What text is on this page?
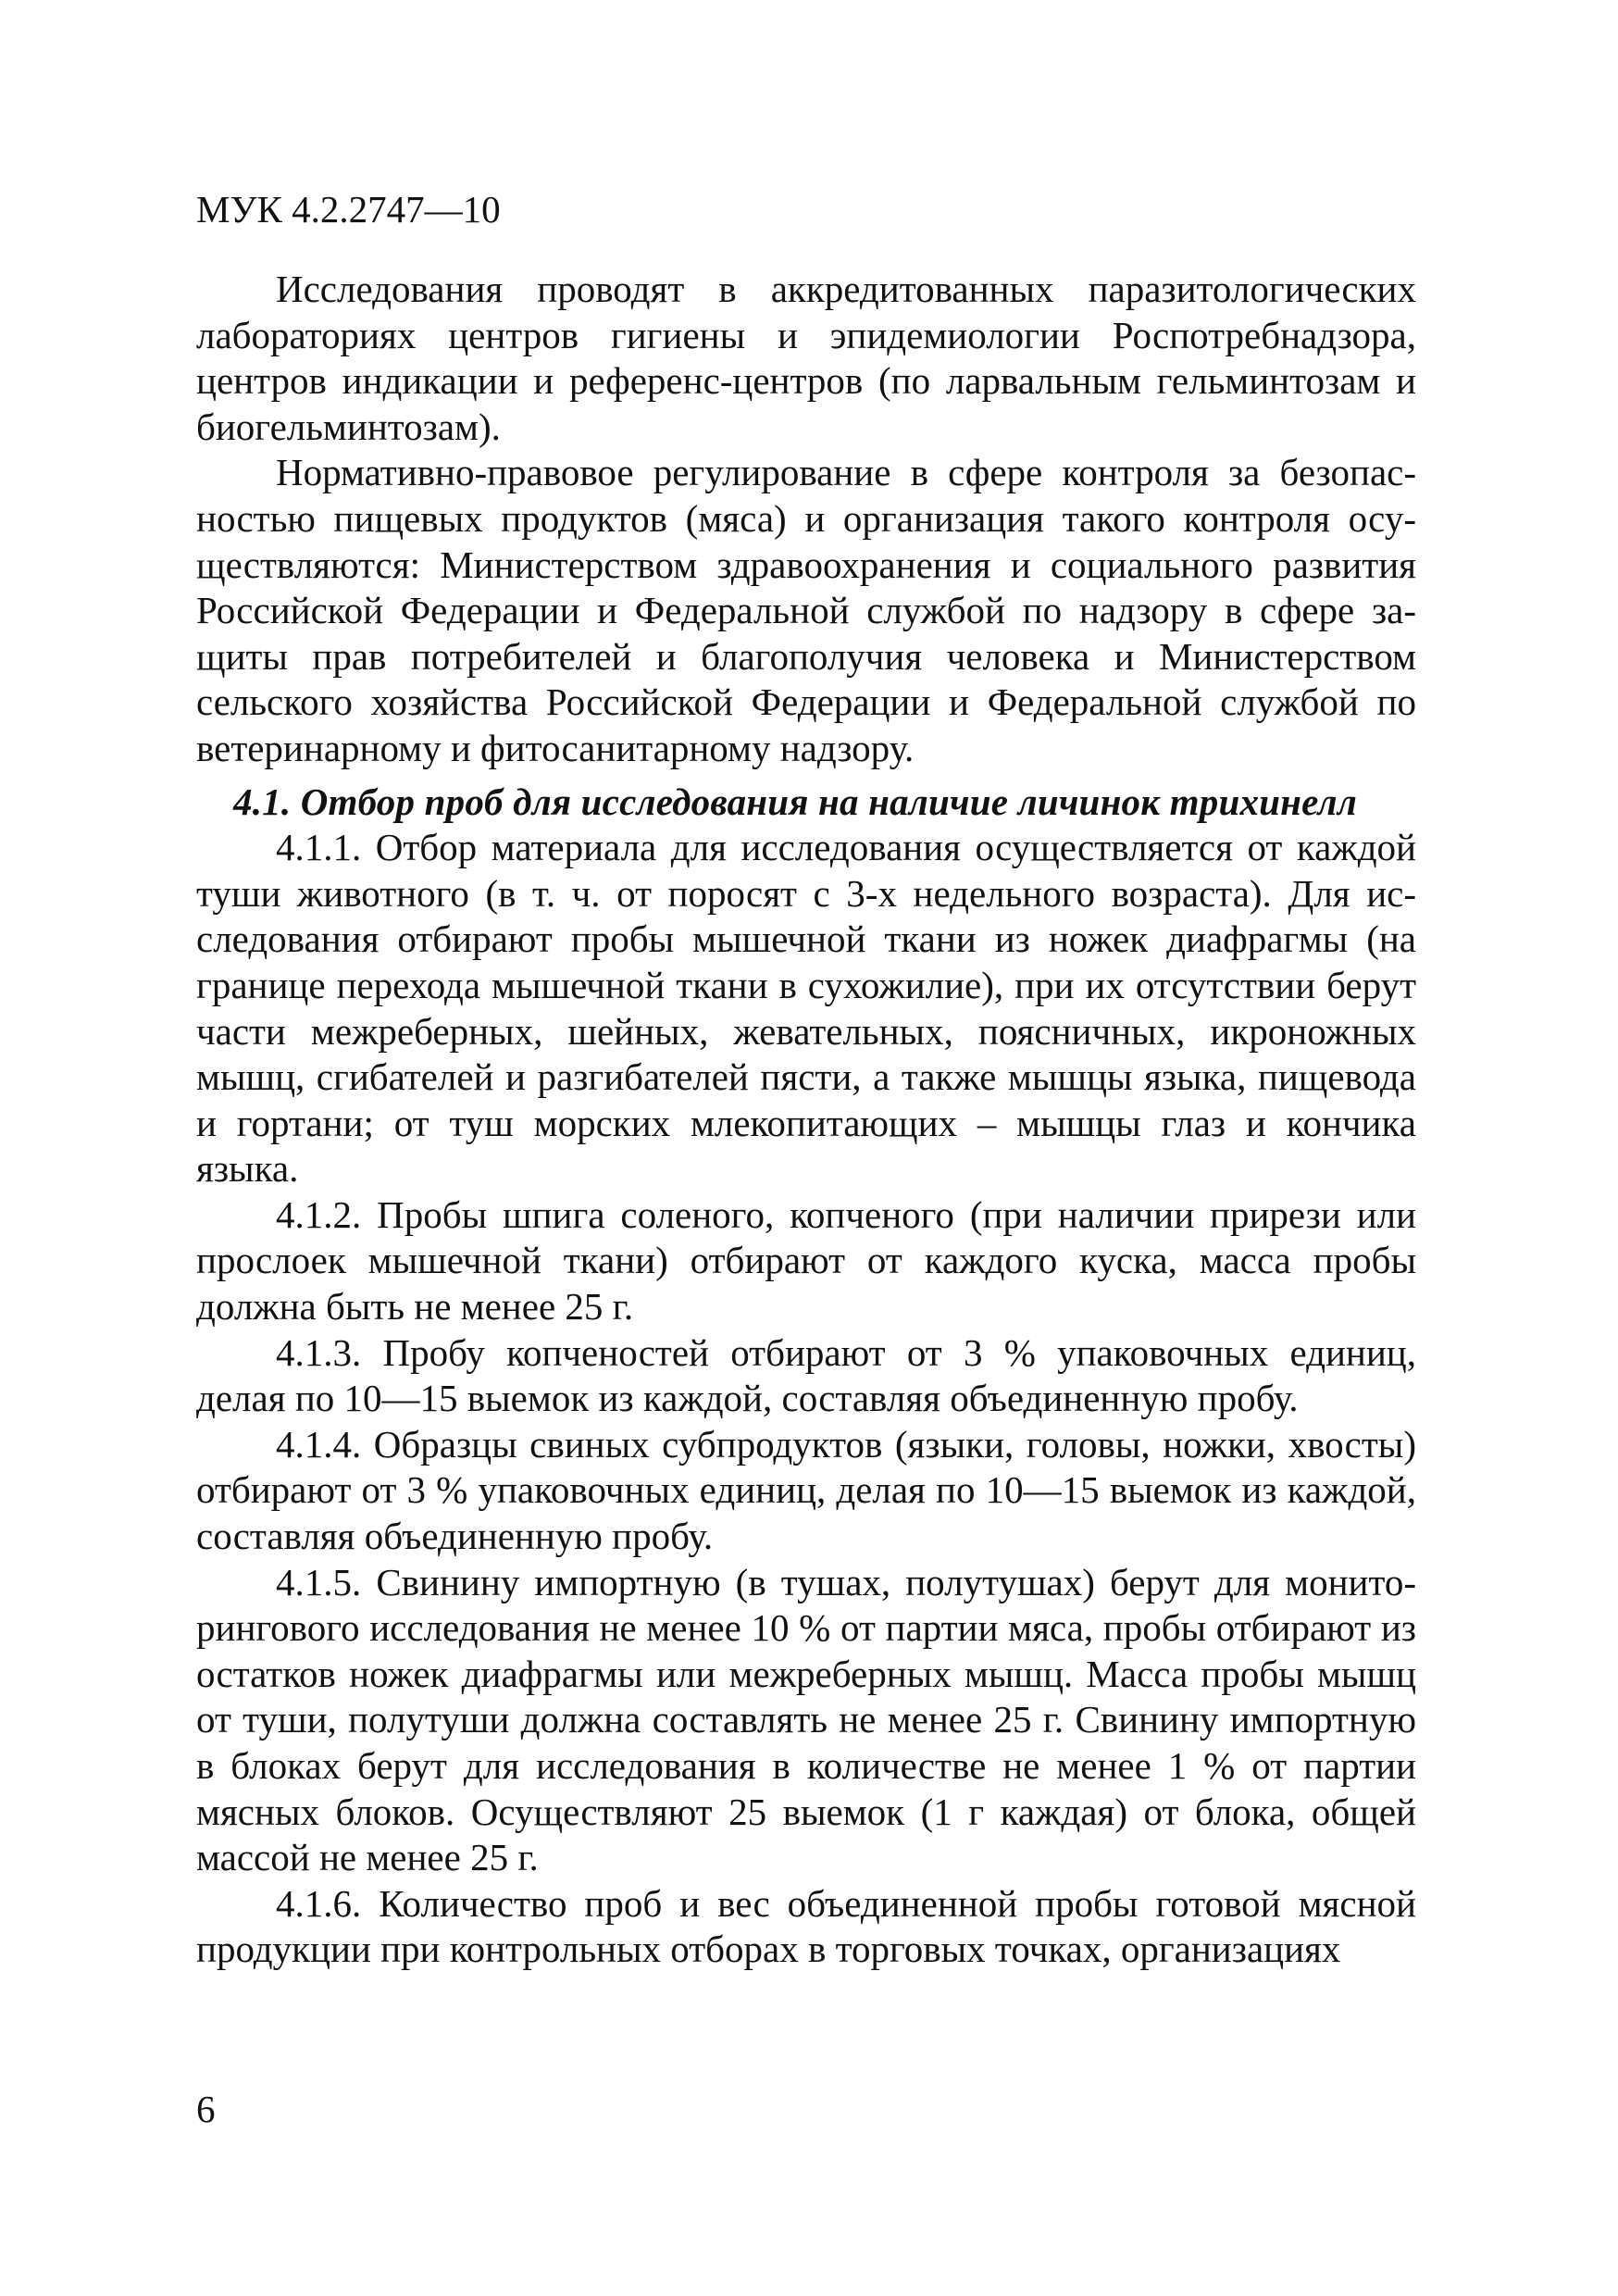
МУК 4.2.2747—10

Исследования проводят в аккредитованных паразитологических лабораториях центров гигиены и эпидемиологии Роспотребнадзора, центров индикации и референс-центров (по ларвальным гельминтозам и биогельминтозам).

Нормативно-правовое регулирование в сфере контроля за безопасностью пищевых продуктов (мяса) и организация такого контроля осуществляются: Министерством здравоохранения и социального развития Российской Федерации и Федеральной службой по надзору в сфере защиты прав потребителей и благополучия человека и Министерством сельского хозяйства Российской Федерации и Федеральной службой по ветеринарному и фитосанитарному надзору.

4.1. Отбор проб для исследования на наличие личинок трихинелл

4.1.1. Отбор материала для исследования осуществляется от каждой туши животного (в т. ч. от поросят с 3-х недельного возраста). Для исследования отбирают пробы мышечной ткани из ножек диафрагмы (на границе перехода мышечной ткани в сухожилие), при их отсутствии берут части межреберных, шейных, жевательных, поясничных, икроножных мышц, сгибателей и разгибателей пясти, а также мышцы языка, пищевода и гортани; от туш морских млекопитающих – мышцы глаз и кончика языка.

4.1.2. Пробы шпига соленого, копченого (при наличии прирези или прослоек мышечной ткани) отбирают от каждого куска, масса пробы должна быть не менее 25 г.

4.1.3. Пробу копченостей отбирают от 3 % упаковочных единиц, делая по 10—15 выемок из каждой, составляя объединенную пробу.

4.1.4. Образцы свиных субпродуктов (языки, головы, ножки, хвосты) отбирают от 3 % упаковочных единиц, делая по 10—15 выемок из каждой, составляя объединенную пробу.

4.1.5. Свинину импортную (в тушах, полутушах) берут для мониторингового исследования не менее 10 % от партии мяса, пробы отбирают из остатков ножек диафрагмы или межреберных мышц. Масса пробы мышц от туши, полутуши должна составлять не менее 25 г. Свинину импортную в блоках берут для исследования в количестве не менее 1 % от партии мясных блоков. Осуществляют 25 выемок (1 г каждая) от блока, общей массой не менее 25 г.

4.1.6. Количество проб и вес объединенной пробы готовой мясной продукции при контрольных отборах в торговых точках, организациях

6
